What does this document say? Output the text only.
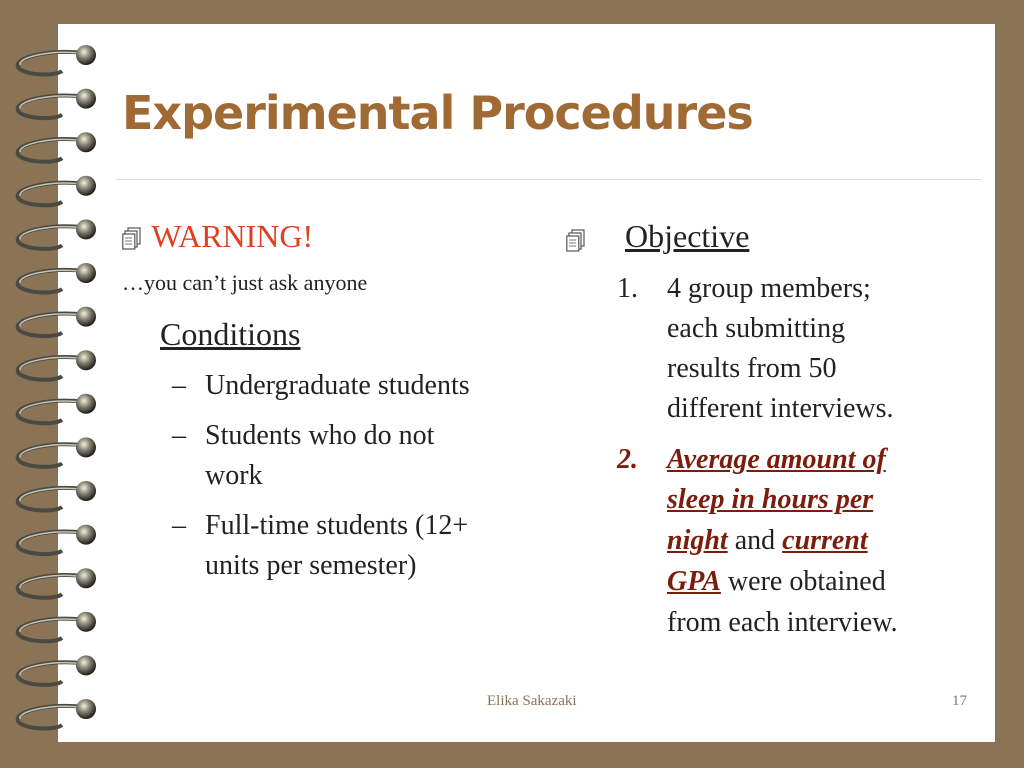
Experimental Procedures
WARNING!
…you can’t just ask anyone
Conditions
– Undergraduate students
– Students who do not
work
– Full-time students (12+
units per semester)
Objective
1. 4 group members;
each submitting
results from 50
different interviews.
2. Average amount of
sleep in hours per
night and current
GPA were obtained
from each interview.
Elika Sakazaki	17
